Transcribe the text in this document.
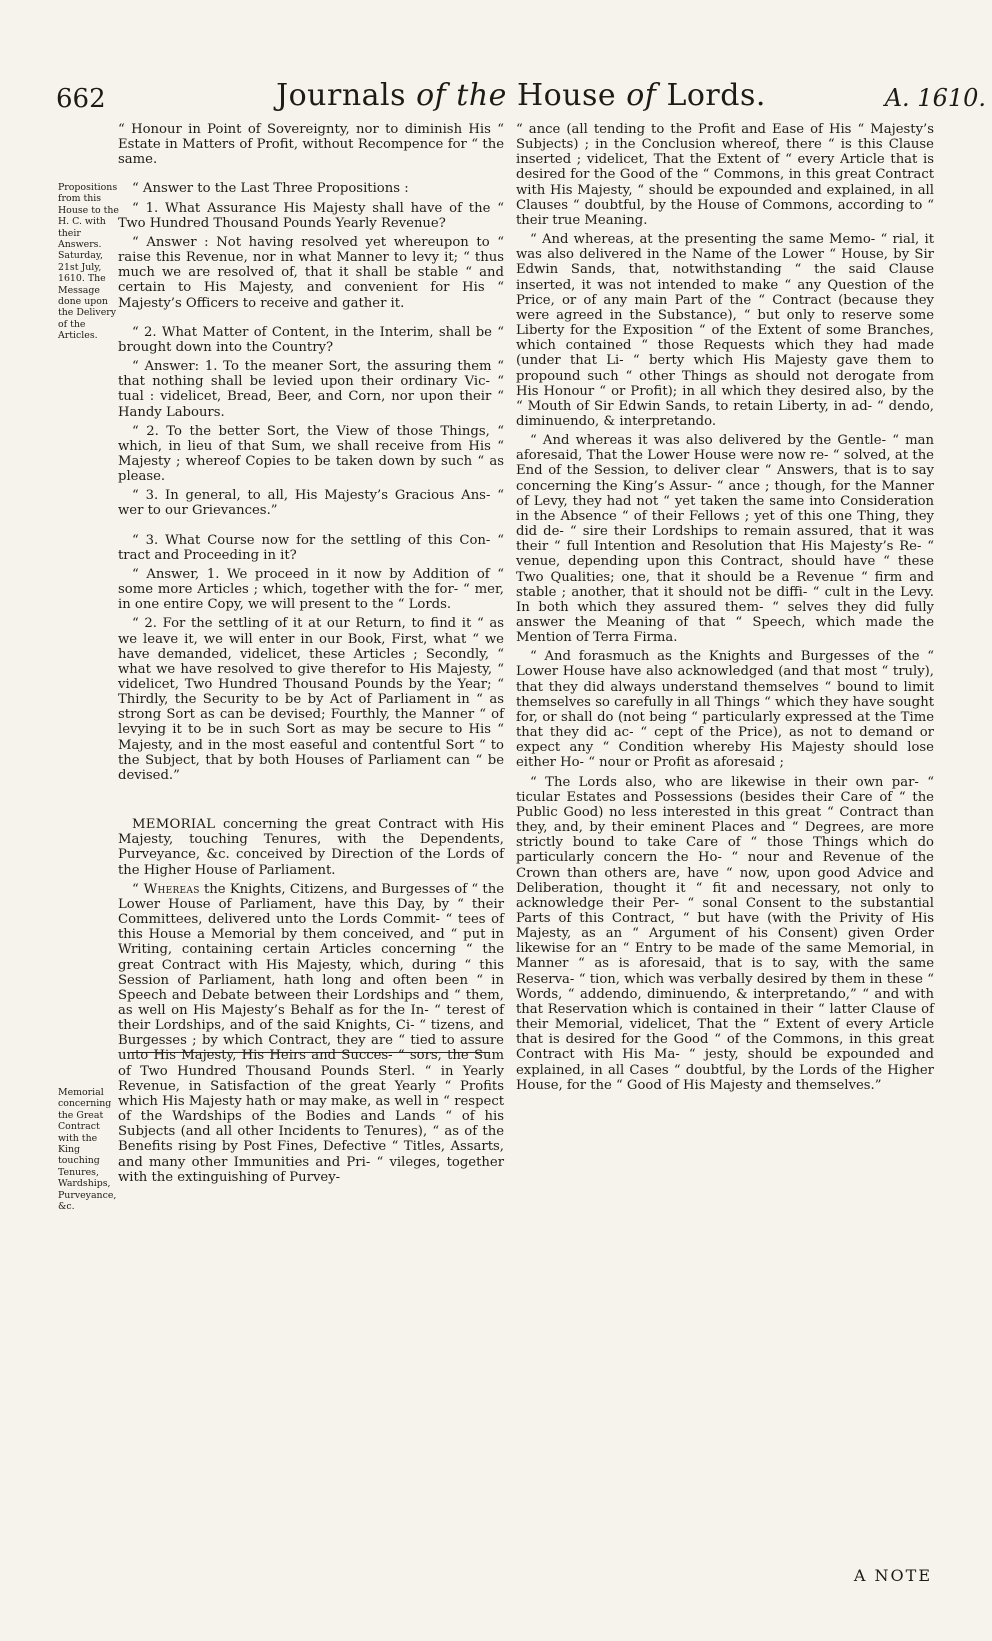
662	Journals of the House of Lords.	A. 1610.
Propositions from this House to the H. C. with their Answers. Saturday, 21st July, 1610. The Message done upon the Delivery of the Articles.
Memorial concerning the Great Contract with the King touching Tenures, Wardships, Purveyance, &c.

“ Honour in Point of Sovereignty, nor to diminish His “ Estate in Matters of Profit, without Recompence for “ the same.

“ Answer to the Last Three Propositions :

“ 1. What Assurance His Majesty shall have of the “ Two Hundred Thousand Pounds Yearly Revenue?

“ Answer : Not having resolved yet whereupon to “ raise this Revenue, nor in what Manner to levy it; “ thus much we are resolved of, that it shall be stable “ and certain to His Majesty, and convenient for His “ Majesty’s Officers to receive and gather it.

“ 2. What Matter of Content, in the Interim, shall be “ brought down into the Country?

“ Answer: 1. To the meaner Sort, the assuring them “ that nothing shall be levied upon their ordinary Vic- “ tual : videlicet, Bread, Beer, and Corn, nor upon their “ Handy Labours.

“ 2. To the better Sort, the View of those Things, “ which, in lieu of that Sum, we shall receive from His “ Majesty ; whereof Copies to be taken down by such “ as please.

“ 3. In general, to all, His Majesty’s Gracious Ans- “ wer to our Grievances.”

“ 3. What Course now for the settling of this Con- “ tract and Proceeding in it?

“ Answer, 1. We proceed in it now by Addition of “ some more Articles ; which, together with the for- “ mer, in one entire Copy, we will present to the “ Lords.

“ 2. For the settling of it at our Return, to find it “ as we leave it, we will enter in our Book, First, what “ we have demanded, videlicet, these Articles ; Secondly, “ what we have resolved to give therefor to His Majesty, “ videlicet, Two Hundred Thousand Pounds by the Year; “ Thirdly, the Security to be by Act of Parliament in “ as strong Sort as can be devised; Fourthly, the Manner “ of levying it to be in such Sort as may be secure to His “ Majesty, and in the most easeful and contentful Sort “ to the Subject, that by both Houses of Parliament can “ be devised.”

MEMORIAL concerning the great Contract with His Majesty, touching Tenures, with the Dependents, Purveyance, &c. conceived by Direction of the Lords of the Higher House of Parliament.

“ Whereas the Knights, Citizens, and Burgesses of “ the Lower House of Parliament, have this Day, by “ their Committees, delivered unto the Lords Commit- “ tees of this House a Memorial by them conceived, and “ put in Writing, containing certain Articles concerning “ the great Contract with His Majesty, which, during “ this Session of Parliament, hath long and often been “ in Speech and Debate between their Lordships and “ them, as well on His Majesty’s Behalf as for the In- “ terest of their Lordships, and of the said Knights, Ci- “ tizens, and Burgesses ; by which Contract, they are “ tied to assure unto His Majesty, His Heirs and Succes- “ sors, the Sum of Two Hundred Thousand Pounds Sterl. “ in Yearly Revenue, in Satisfaction of the great Yearly “ Profits which His Majesty hath or may make, as well in “ respect of the Wardships of the Bodies and Lands “ of his Subjects (and all other Incidents to Tenures), “ as of the Benefits rising by Post Fines, Defective “ Titles, Assarts, and many other Immunities and Pri- “ vileges, together with the extinguishing of Purvey-

“ ance (all tending to the Profit and Ease of His “ Majesty’s Subjects) ; in the Conclusion whereof, there “ is this Clause inserted ; videlicet, That the Extent of “ every Article that is desired for the Good of the “ Commons, in this great Contract with His Majesty, “ should be expounded and explained, in all Clauses “ doubtful, by the House of Commons, according to “ their true Meaning.

“ And whereas, at the presenting the same Memo- “ rial, it was also delivered in the Name of the Lower “ House, by Sir Edwin Sands, that, notwithstanding “ the said Clause inserted, it was not intended to make “ any Question of the Price, or of any main Part of the “ Contract (because they were agreed in the Substance), “ but only to reserve some Liberty for the Exposition “ of the Extent of some Branches, which contained “ those Requests which they had made (under that Li- “ berty which His Majesty gave them to propound such “ other Things as should not derogate from His Honour “ or Profit); in all which they desired also, by the “ Mouth of Sir Edwin Sands, to retain Liberty, in ad- “ dendo, diminuendo, & interpretando.

“ And whereas it was also delivered by the Gentle- “ man aforesaid, That the Lower House were now re- “ solved, at the End of the Session, to deliver clear “ Answers, that is to say concerning the King’s Assur- “ ance ; though, for the Manner of Levy, they had not “ yet taken the same into Consideration in the Absence “ of their Fellows ; yet of this one Thing, they did de- “ sire their Lordships to remain assured, that it was their “ full Intention and Resolution that His Majesty’s Re- “ venue, depending upon this Contract, should have “ these Two Qualities; one, that it should be a Revenue “ firm and stable ; another, that it should not be diffi- “ cult in the Levy. In both which they assured them- “ selves they did fully answer the Meaning of that “ Speech, which made the Mention of Terra Firma.

“ And forasmuch as the Knights and Burgesses of the “ Lower House have also acknowledged (and that most “ truly), that they did always understand themselves “ bound to limit themselves so carefully in all Things “ which they have sought for, or shall do (not being “ particularly expressed at the Time that they did ac- “ cept of the Price), as not to demand or expect any “ Condition whereby His Majesty should lose either Ho- “ nour or Profit as aforesaid ;

“ The Lords also, who are likewise in their own par- “ ticular Estates and Possessions (besides their Care of “ the Public Good) no less interested in this great “ Contract than they, and, by their eminent Places and “ Degrees, are more strictly bound to take Care of “ those Things which do particularly concern the Ho- “ nour and Revenue of the Crown than others are, have “ now, upon good Advice and Deliberation, thought it “ fit and necessary, not only to acknowledge their Per- “ sonal Consent to the substantial Parts of this Contract, “ but have (with the Privity of His Majesty, as an “ Argument of his Consent) given Order likewise for an “ Entry to be made of the same Memorial, in Manner “ as is aforesaid, that is to say, with the same Reserva- “ tion, which was verbally desired by them in these “ Words, “ addendo, diminuendo, & interpretando,” “ and with that Reservation which is contained in their “ latter Clause of their Memorial, videlicet, That the “ Extent of every Article that is desired for the Good “ of the Commons, in this great Contract with His Ma- “ jesty, should be expounded and explained, in all Cases “ doubtful, by the Lords of the Higher House, for the “ Good of His Majesty and themselves.”

A NOTE
